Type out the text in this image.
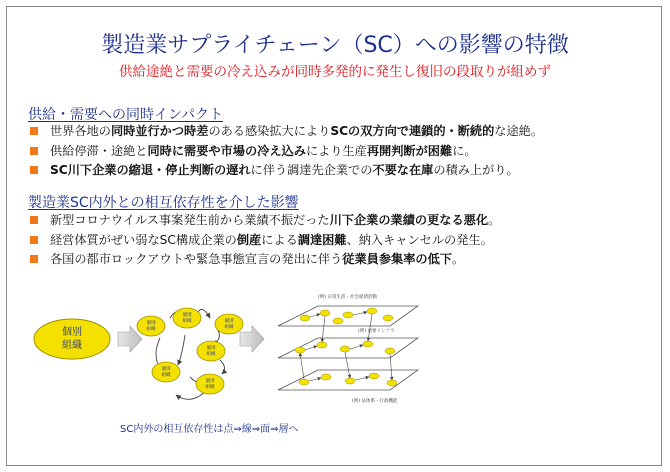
製造業サプライチェーン（SC）への影響の特徴
供給途絶と需要の冷え込みが同時多発的に発生し復旧の段取りが組めず
供給・需要への同時インパクト
世界各地の同時並行かつ時差のある感染拡大によりSCの双方向で連鎖的・断続的な途絶。
供給停滞・途絶と同時に需要や市場の冷え込みにより生産再開判断が困難に。
SC川下企業の縮退・停止判断の遅れに伴う調達先企業での不要な在庫の積み上がり。
製造業SC内外との相互依存性を介した影響
新型コロナウイルス事案発生前から業績不振だった川下企業の業績の更なる悪化。
経営体質がぜい弱なSC構成企業の倒産による調達困難、納入キャンセルの発生。
各国の都市ロックアウトや緊急事態宣言の発出に伴う従業員参集率の低下。
個別
組織
個別
組織
個別
組織	個別
組織
個別
組織
個別
組織
個別
組織
(例) 日常生活・社会経済活動
(例) 重要インフラ
(例) 法体系・行政機能
SC内外の相互依存性は点⇒線⇒面⇒層へ
